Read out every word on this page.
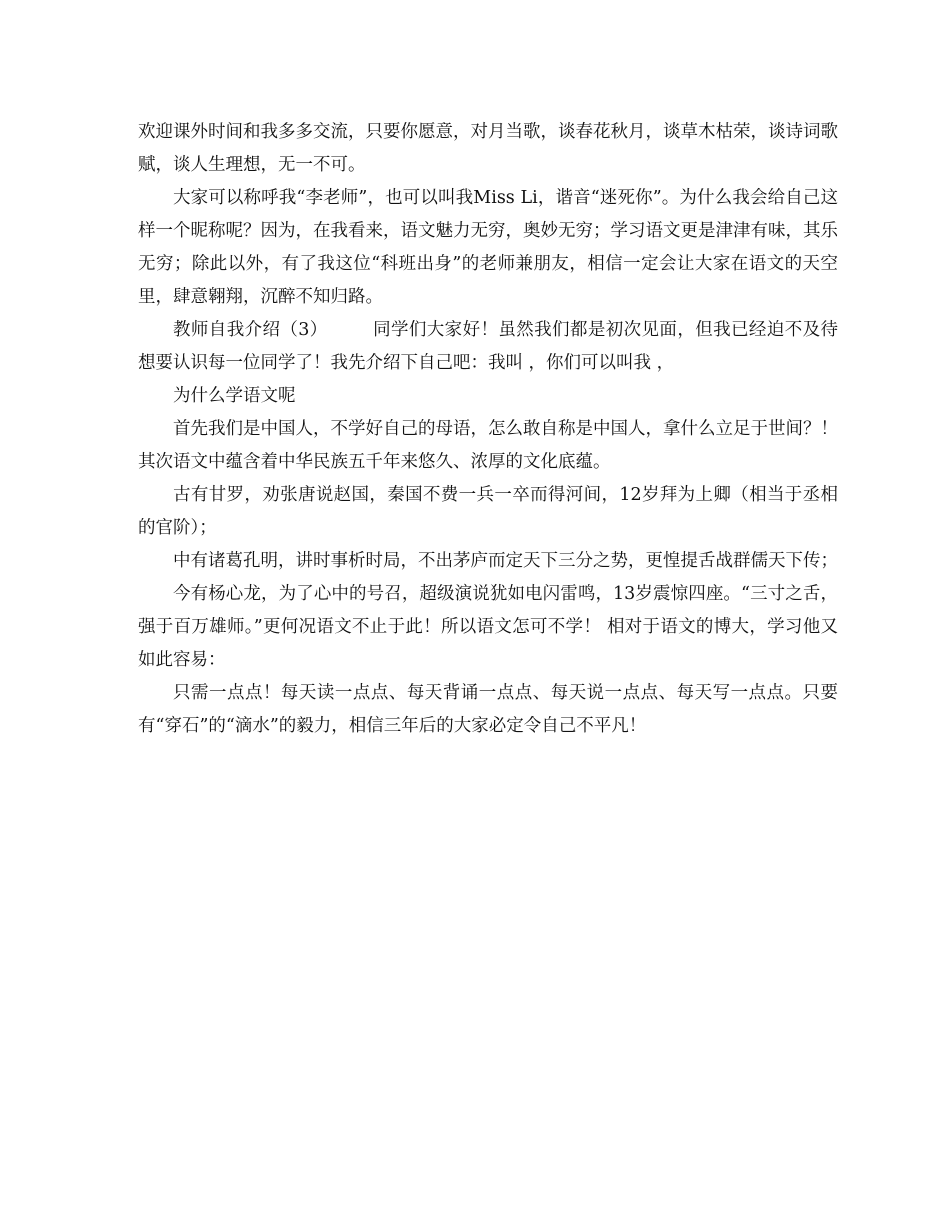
欢迎课外时间和我多多交流，只要你愿意，对月当歌，谈春花秋月，谈草木枯荣，谈诗词歌赋，谈人生理想，无一不可。

大家可以称呼我“李老师”，也可以叫我Miss Li，谐音“迷死你”。为什么我会给自己这样一个昵称呢？因为，在我看来，语文魅力无穷，奥妙无穷；学习语文更是津津有味，其乐无穷；除此以外，有了我这位“科班出身”的老师兼朋友，相信一定会让大家在语文的天空里，肆意翱翔，沉醉不知归路。

教师自我介绍（3）	同学们大家好！虽然我们都是初次见面，但我已经迫不及待想要认识每一位同学了！我先介绍下自己吧：我叫 ，你们可以叫我 ，

为什么学语文呢

首先我们是中国人，不学好自己的母语，怎么敢自称是中国人，拿什么立足于世间？！其次语文中蕴含着中华民族五千年来悠久、浓厚的文化底蕴。

古有甘罗，劝张唐说赵国，秦国不费一兵一卒而得河间，12岁拜为上卿（相当于丞相的官阶）；

中有诸葛孔明，讲时事析时局，不出茅庐而定天下三分之势，更惶提舌战群儒天下传；

今有杨心龙，为了心中的号召，超级演说犹如电闪雷鸣，13岁震惊四座。“三寸之舌，强于百万雄师。”更何况语文不止于此！所以语文怎可不学！ 相对于语文的博大，学习他又如此容易：

只需一点点！每天读一点点、每天背诵一点点、每天说一点点、每天写一点点。只要有“穿石”的“滴水”的毅力，相信三年后的大家必定令自己不平凡！
